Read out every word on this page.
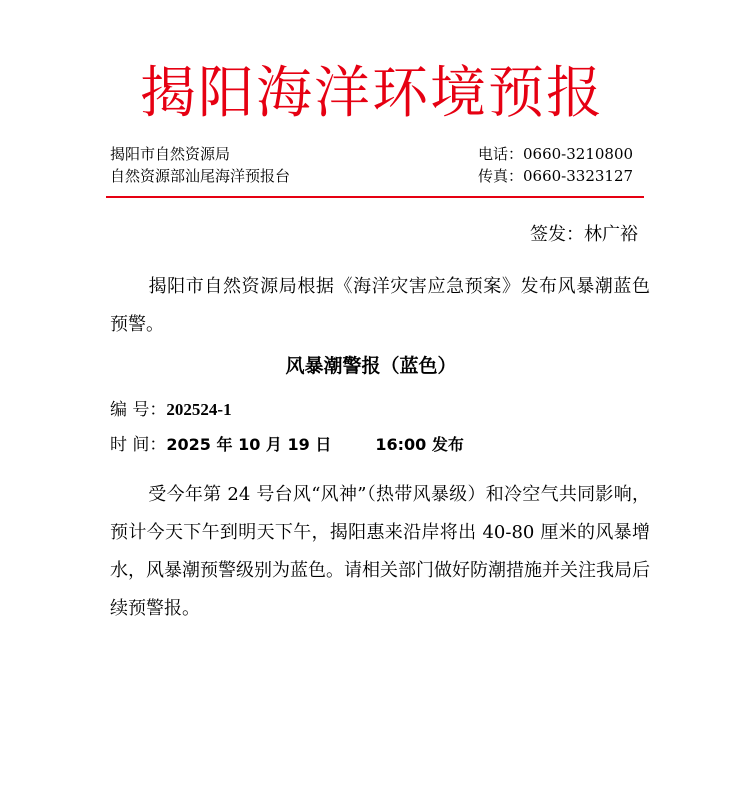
揭阳海洋环境预报
揭阳市自然资源局
自然资源部汕尾海洋预报台
电话：0660-3210800
传真：0660-3323127
签发：林广裕
揭阳市自然资源局根据《海洋灾害应急预案》发布风暴潮蓝色预警。
风暴潮警报（蓝色）
编 号：202524-1
时 间：2025 年 10 月 19 日	16:00 发布
受今年第 24 号台风“风神”（热带风暴级）和冷空气共同影响，预计今天下午到明天下午，揭阳惠来沿岸将出 40-80 厘米的风暴增水，风暴潮预警级别为蓝色。请相关部门做好防潮措施并关注我局后续预警报。
